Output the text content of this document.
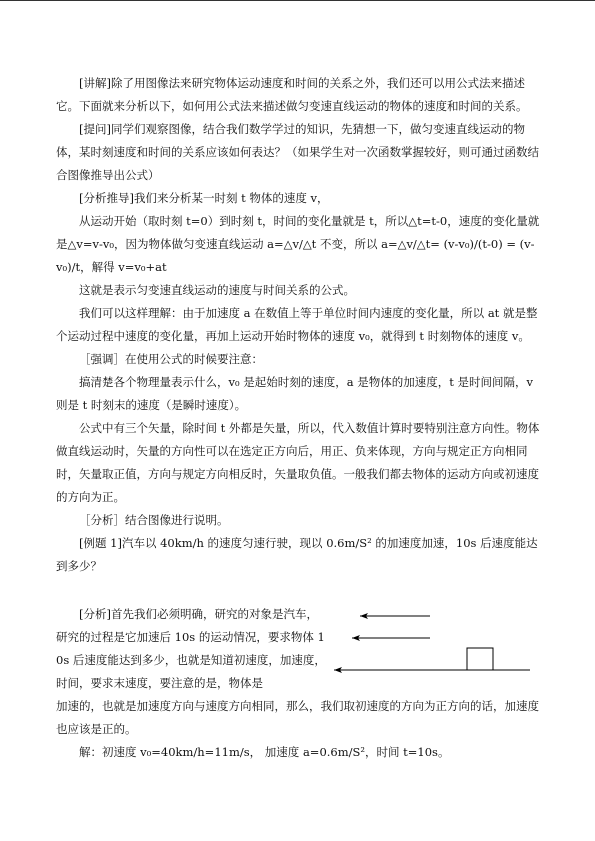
[讲解]除了用图像法来研究物体运动速度和时间的关系之外，我们还可以用公式法来描述它。下面就来分析以下，如何用公式法来描述做匀变速直线运动的物体的速度和时间的关系。

[提问]同学们观察图像，结合我们数学学过的知识，先猜想一下，做匀变速直线运动的物体，某时刻速度和时间的关系应该如何表达？（如果学生对一次函数掌握较好，则可通过函数结合图像推导出公式）

[分析推导]我们来分析某一时刻 t 物体的速度 v，

从运动开始（取时刻 t=0）到时刻 t，时间的变化量就是 t，所以△t=t-0，速度的变化量就是△v=v-v₀，因为物体做匀变速直线运动 a=△v/△t 不变，所以 a=△v/△t= (v-v₀)/(t-0) = (v-v₀)/t，解得 v=v₀+at

这就是表示匀变速直线运动的速度与时间关系的公式。

我们可以这样理解：由于加速度 a 在数值上等于单位时间内速度的变化量，所以 at 就是整个运动过程中速度的变化量，再加上运动开始时物体的速度 v₀，就得到 t 时刻物体的速度 v。

［强调］在使用公式的时候要注意：

搞清楚各个物理量表示什么，v₀ 是起始时刻的速度，a 是物体的加速度，t 是时间间隔，v 则是 t 时刻末的速度（是瞬时速度）。

公式中有三个矢量，除时间 t 外都是矢量，所以，代入数值计算时要特别注意方向性。物体做直线运动时，矢量的方向性可以在选定正方向后，用正、负来体现，方向与规定正方向相同时，矢量取正值，方向与规定方向相反时，矢量取负值。一般我们都去物体的运动方向或初速度的方向为正。

［分析］结合图像进行说明。

[例题 1]汽车以 40km/h 的速度匀速行驶，现以 0.6m/S² 的加速度加速，10s 后速度能达到多少？

[分析]首先我们必须明确，研究的对象是汽车，研究的过程是它加速后 10s 的运动情况，要求物体 10s 后速度能达到多少，也就是知道初速度，加速度，时间，要求末速度，要注意的是，物体是

加速的，也就是加速度方向与速度方向相同，那么，我们取初速度的方向为正方向的话，加速度也应该是正的。

解：初速度 v₀=40km/h=11m/s， 加速度 a=0.6m/S²，时间 t=10s。
